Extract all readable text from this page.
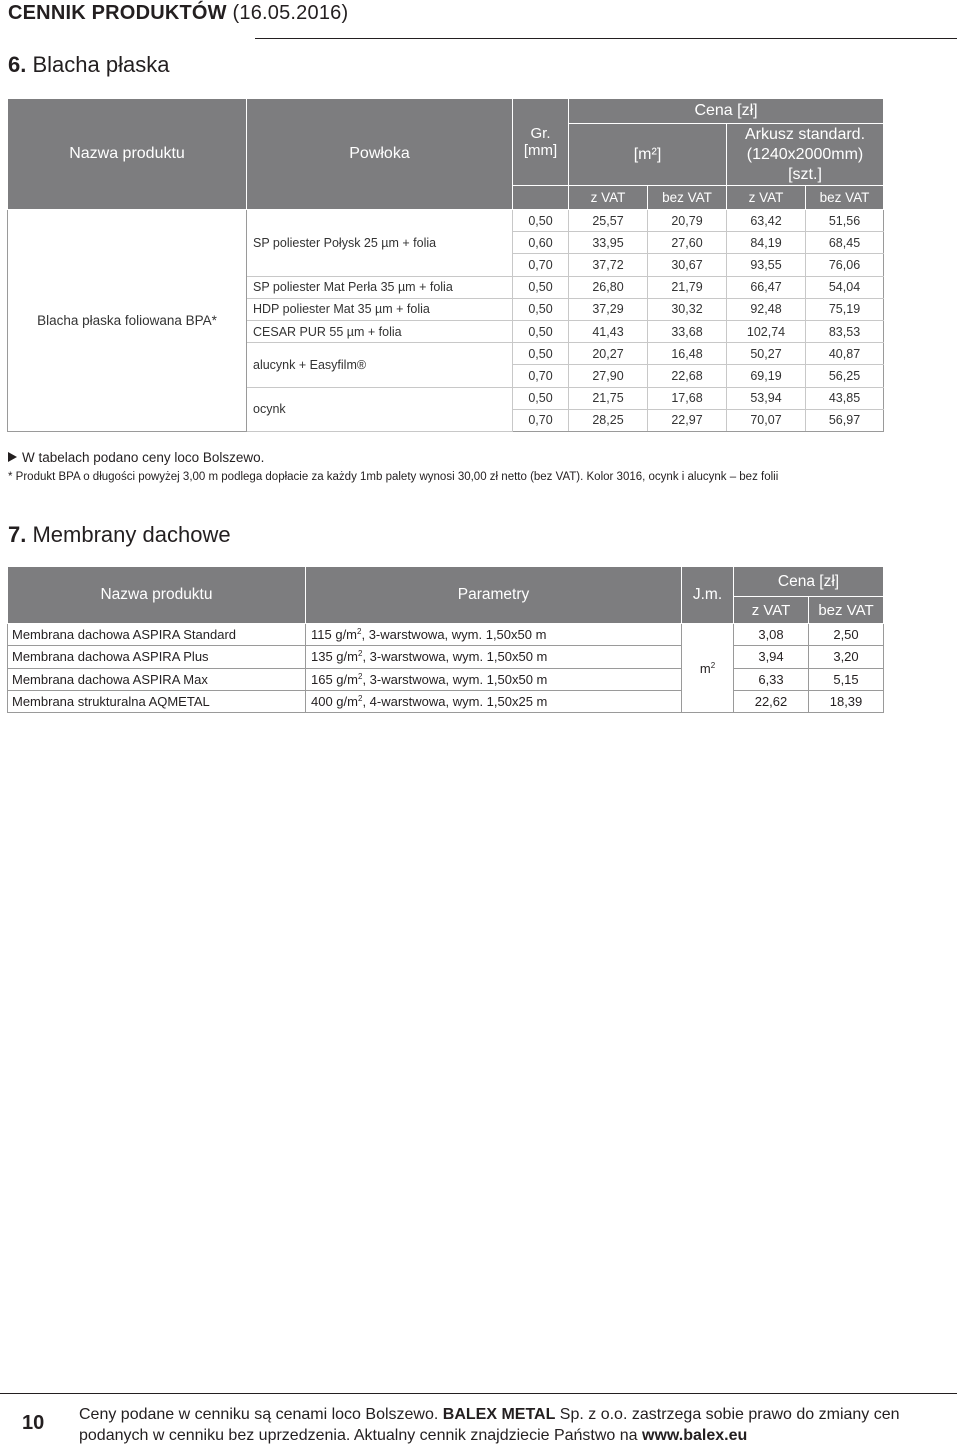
CENNIK PRODUKTÓW (16.05.2016)
6. Blacha płaska
Nazwa produktu	Powłoka	Gr.
[mm]	Cena [zł]			
			[m²]		Arkusz standard.
(1240x2000mm)
[szt.]	

			z VAT	bez VAT	z VAT	bez VAT
Blacha płaska foliowana BPA*	SP poliester Połysk 25 µm + folia	0,50	25,57	20,79	63,42	51,56
		0,60	33,95	27,60	84,19	68,45
		0,70	37,72	30,67	93,55	76,06
	SP poliester Mat Perła 35 µm + folia	0,50	26,80	21,79	66,47	54,04
	HDP poliester Mat 35 µm + folia	0,50	37,29	30,32	92,48	75,19
	CESAR PUR 55 µm + folia	0,50	41,43	33,68	102,74	83,53
	alucynk + Easyfilm®	0,50	20,27	16,48	50,27	40,87
		0,70	27,90	22,68	69,19	56,25
	ocynk	0,50	21,75	17,68	53,94	43,85
		0,70	28,25	22,97	70,07	56,97
W tabelach podano ceny loco Bolszewo.
* Produkt BPA o długości powyżej 3,00 m podlega dopłacie za każdy 1mb palety wynosi 30,00 zł netto (bez VAT). Kolor 3016, ocynk i alucynk – bez folii
7. Membrany dachowe
Nazwa produktu	Parametry	J.m.	Cena [zł]	
			z VAT	bez VAT
Membrana dachowa ASPIRA Standard	115 $g/m^2$, 3-warstwowa, wym. 1,50x50 m	$m^2$	3,08	2,50
Membrana dachowa ASPIRA Plus	135 $g/m^2$, 3-warstwowa, wym. 1,50x50 m		3,94	3,20
Membrana dachowa ASPIRA Max	165 $g/m^2$, 3-warstwowa, wym. 1,50x50 m		6,33	5,15
Membrana strukturalna AQMETAL	400 $g/m^2$, 4-warstwowa, wym. 1,50x25 m		22,62	18,39
10 Ceny podane w cenniku są cenami loco Bolszewo. BALEX METAL Sp. z o.o. zastrzega sobie prawo do zmiany cen podanych w cenniku bez uprzedzenia. Aktualny cennik znajdziecie Państwo na www.balex.eu
